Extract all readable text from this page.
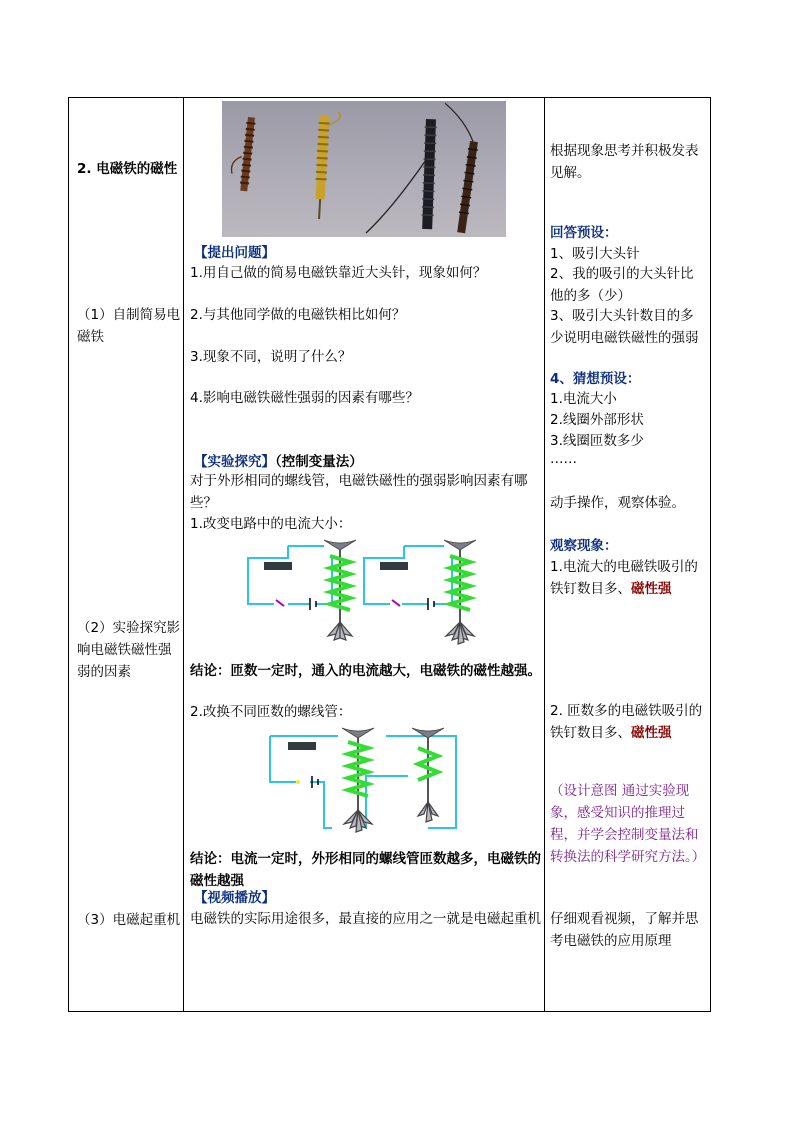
2. 电磁铁的磁性
（1）自制简易电磁铁
（2）实验探究影响电磁铁磁性强弱的因素
（3）电磁起重机
【提出问题】
1.用自己做的简易电磁铁靠近大头针，现象如何？
2.与其他同学做的电磁铁相比如何？
3.现象不同，说明了什么？
4.影响电磁铁磁性强弱的因素有哪些？
【实验探究】（控制变量法）
对于外形相同的螺线管，电磁铁磁性的强弱影响因素有哪些？
1.改变电路中的电流大小：
结论：匝数一定时，通入的电流越大，电磁铁的磁性越强。
2.改换不同匝数的螺线管：
结论：电流一定时，外形相同的螺线管匝数越多，电磁铁的磁性越强
【视频播放】
电磁铁的实际用途很多，最直接的应用之一就是电磁起重机
根据现象思考并积极发表见解。
回答预设：
1、吸引大头针
2、我的吸引的大头针比他的多（少）
3、吸引大头针数目的多少说明电磁铁磁性的强弱
4、猜想预设：
1.电流大小
2.线圈外部形状
3.线圈匝数多少
……
动手操作，观察体验。
观察现象：
1.电流大的电磁铁吸引的铁钉数目多、磁性强
2. 匝数多的电磁铁吸引的铁钉数目多、磁性强
（设计意图 通过实验现象，感受知识的推理过程，并学会控制变量法和转换法的科学研究方法。）
仔细观看视频，了解并思考电磁铁的应用原理
